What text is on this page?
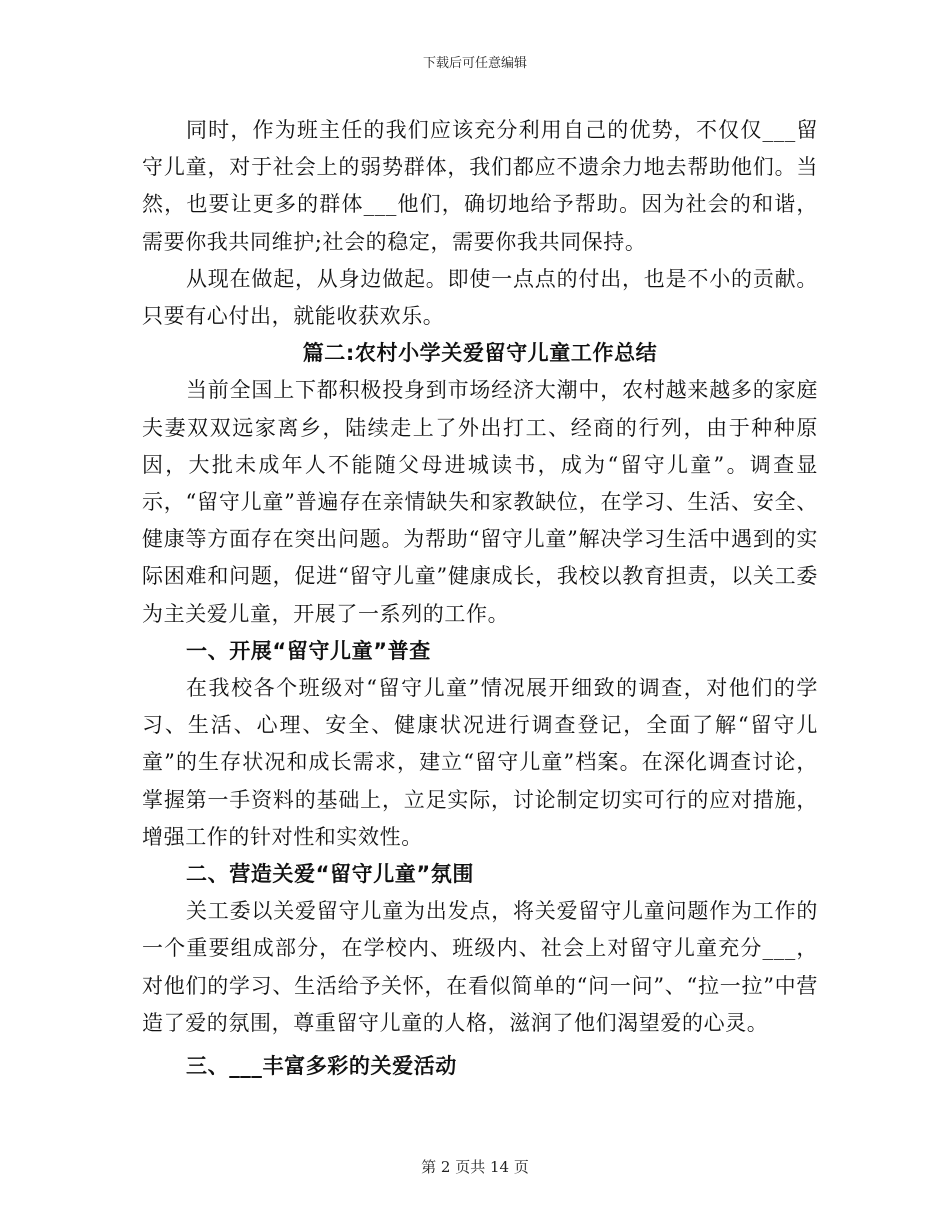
下载后可任意编辑

同时，作为班主任的我们应该充分利用自己的优势，不仅仅___留守儿童，对于社会上的弱势群体，我们都应不遗余力地去帮助他们。当然，也要让更多的群体___他们，确切地给予帮助。因为社会的和谐，需要你我共同维护;社会的稳定，需要你我共同保持。

从现在做起，从身边做起。即使一点点的付出，也是不小的贡献。只要有心付出，就能收获欢乐。

篇二:农村小学关爱留守儿童工作总结

当前全国上下都积极投身到市场经济大潮中，农村越来越多的家庭夫妻双双远家离乡，陆续走上了外出打工、经商的行列，由于种种原因，大批未成年人不能随父母进城读书，成为“留守儿童”。调查显示，“留守儿童”普遍存在亲情缺失和家教缺位，在学习、生活、安全、健康等方面存在突出问题。为帮助“留守儿童”解决学习生活中遇到的实际困难和问题，促进“留守儿童”健康成长，我校以教育担责，以关工委为主关爱儿童，开展了一系列的工作。

一、开展“留守儿童”普查

在我校各个班级对“留守儿童”情况展开细致的调查，对他们的学习、生活、心理、安全、健康状况进行调查登记，全面了解“留守儿童”的生存状况和成长需求，建立“留守儿童”档案。在深化调查讨论，掌握第一手资料的基础上，立足实际，讨论制定切实可行的应对措施，增强工作的针对性和实效性。

二、营造关爱“留守儿童”氛围

关工委以关爱留守儿童为出发点，将关爱留守儿童问题作为工作的一个重要组成部分，在学校内、班级内、社会上对留守儿童充分___，对他们的学习、生活给予关怀，在看似简单的“问一问”、“拉一拉”中营造了爱的氛围，尊重留守儿童的人格，滋润了他们渴望爱的心灵。

三、___丰富多彩的关爱活动

第 2 页共 14 页
